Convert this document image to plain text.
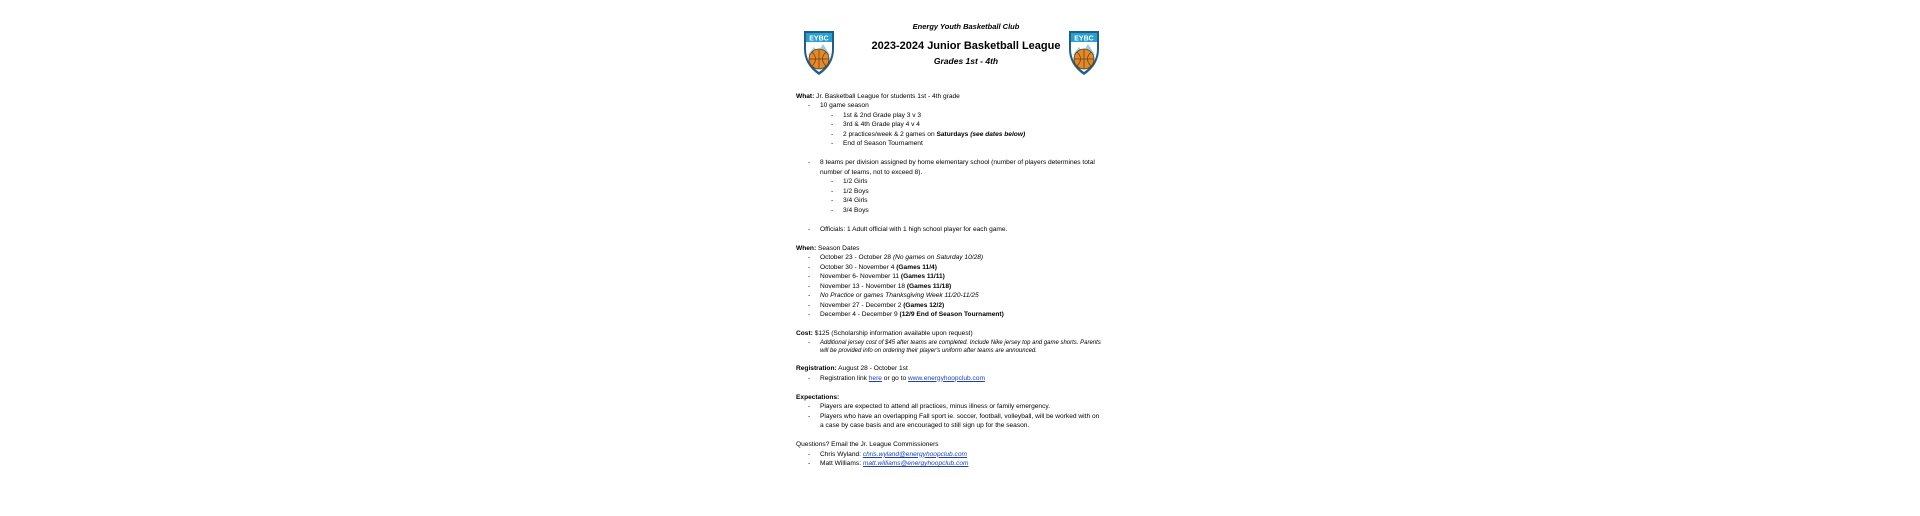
EYBC
Energy Youth Basketball Club
2023-2024 Junior Basketball League
Grades 1st - 4th
EYBC
What: Jr. Basketball League for students 1st - 4th grade
- 10 game season
- 1st & 2nd Grade play 3 v 3
- 3rd & 4th Grade play 4 v 4
- 2 practices/week & 2 games on Saturdays (see dates below)
- End of Season Tournament
- 8 teams per division assigned by home elementary school (number of players determines total
number of teams, not to exceed 8).
- 1/2 Girls
- 1/2 Boys
- 3/4 Girls
- 3/4 Boys
- Officials: 1 Adult official with 1 high school player for each game.
When: Season Dates
- October 23 - October 28 (No games on Saturday 10/28)
- October 30 - November 4 (Games 11/4)
- November 6- November 11 (Games 11/11)
- November 13 - November 18 (Games 11/18)
- No Practice or games Thanksgiving Week 11/20-11/25
- November 27 - December 2 (Games 12/2)
- December 4 - December 9 (12/9 End of Season Tournament)
Cost: $125 (Scholarship information available upon request)
- Additional jersey cost of $45 after teams are completed. Include Nike jersey top and game shorts. Parents
will be provided info on ordering their player's uniform after teams are announced.
Registration: August 28 - October 1st
- Registration link here or go to www.energyhoopclub.com
Expectations:
- Players are expected to attend all practices, minus illness or family emergency.
- Players who have an overlapping Fall sport ie. soccer, football, volleyball, will be worked with on
a case by case basis and are encouraged to still sign up for the season.
Questions? Email the Jr. League Commissioners
- Chris Wyland: chris.wyland@energyhoopclub.com
- Matt Williams: matt.williams@energyhoopclub.com
